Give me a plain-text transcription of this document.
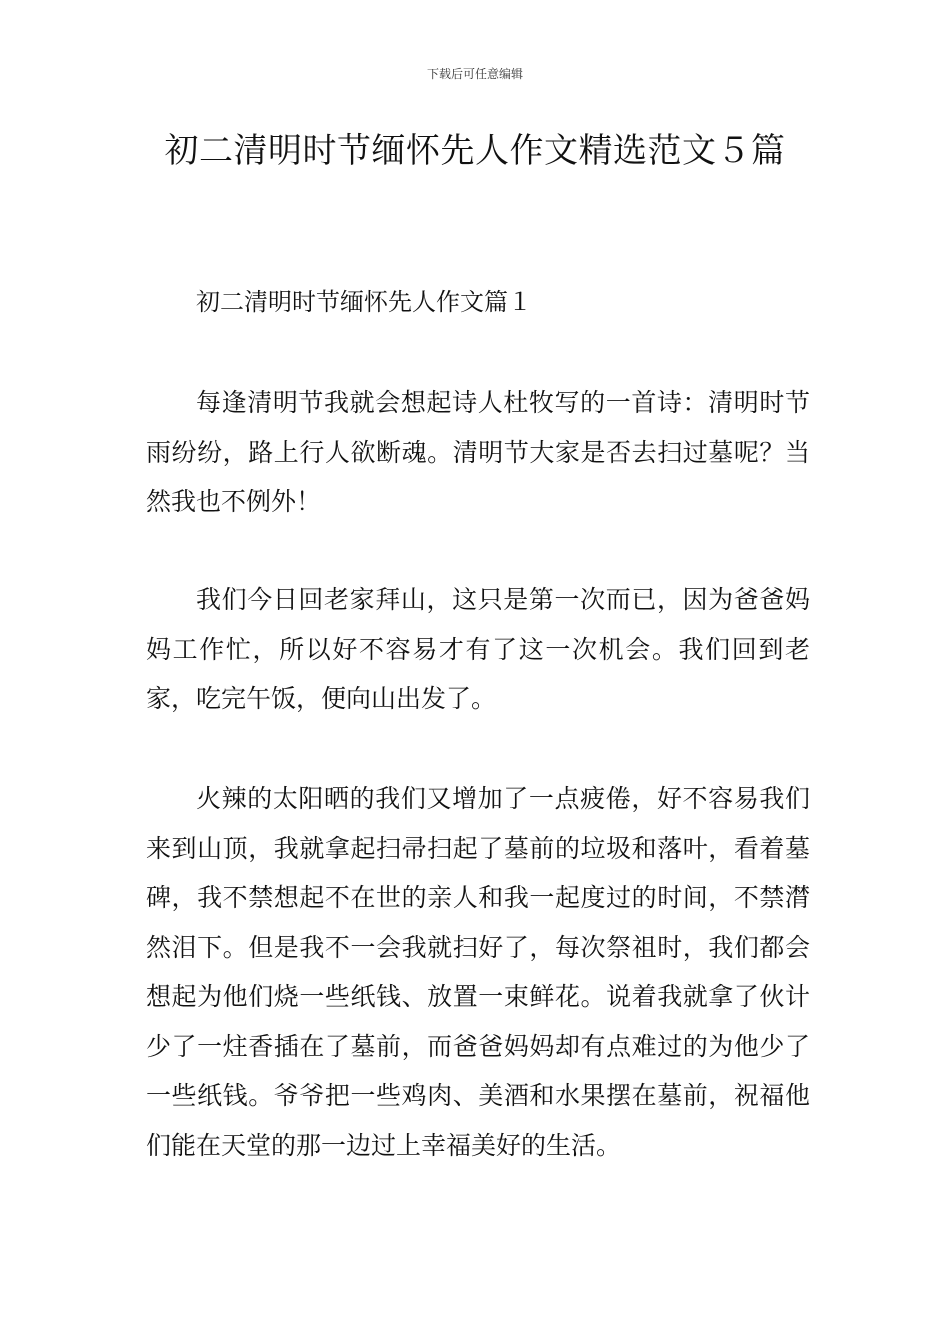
下载后可任意编辑
初二清明时节缅怀先人作文精选范文５篇
初二清明时节缅怀先人作文篇１

每逢清明节我就会想起诗人杜牧写的一首诗：清明时节雨纷纷，路上行人欲断魂。清明节大家是否去扫过墓呢？当然我也不例外！

我们今日回老家拜山，这只是第一次而已，因为爸爸妈妈工作忙，所以好不容易才有了这一次机会。我们回到老家，吃完午饭，便向山出发了。

火辣的太阳晒的我们又增加了一点疲倦，好不容易我们来到山顶，我就拿起扫帚扫起了墓前的垃圾和落叶，看着墓碑，我不禁想起不在世的亲人和我一起度过的时间，不禁潸然泪下。但是我不一会我就扫好了，每次祭祖时，我们都会想起为他们烧一些纸钱、放置一束鲜花。说着我就拿了伙计少了一炷香插在了墓前，而爸爸妈妈却有点难过的为他少了一些纸钱。爷爷把一些鸡肉、美酒和水果摆在墓前，祝福他们能在天堂的那一边过上幸福美好的生活。
